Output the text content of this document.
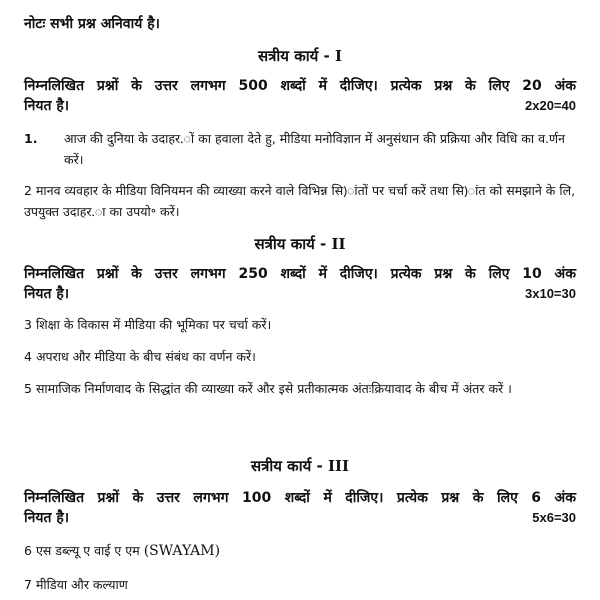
नोटः सभी प्रश्न अनिवार्य है।
सत्रीय कार्य - I
निम्नलिखित प्रश्नों के उत्तर लगभग 500 शब्दों में दीजिए। प्रत्येक प्रश्न के लिए 20 अंक
नियत है।	2x20=40
1.	आज की दुनिया के उदाहर.ों का हवाला देते हु, मीडिया मनोविज्ञान में अनुसंधान की प्रक्रिया और विधि का व.र्णन करें।
2 मानव व्यवहार के मीडिया विनियमन की व्याख्या करने वाले विभिन्न सि)ांतों पर चर्चा करें तथा सि)ांत को समझाने के लि, उपयुक्त उदाहर.ा का उपयो॰ करें।
सत्रीय कार्य - II
निम्नलिखित प्रश्नों के उत्तर लगभग 250 शब्दों में दीजिए। प्रत्येक प्रश्न के लिए 10 अंक
नियत है।	3x10=30
3 शिक्षा के विकास में मीडिया की भूमिका पर चर्चा करें।
4 अपराध और मीडिया के बीच संबंध का वर्णन करें।
5 सामाजिक निर्माणवाद के सिद्धांत की व्याख्या करें और इसे प्रतीकात्मक अंतःक्रियावाद के बीच में अंतर करें ।
सत्रीय कार्य - III
निम्नलिखित प्रश्नों के उत्तर लगभग 100 शब्दों में दीजिए। प्रत्येक प्रश्न के लिए 6 अंक
नियत है।	5x6=30
6 एस डब्ल्यू ए वाई ए एम (SWAYAM)
7 मीडिया और कल्याण
